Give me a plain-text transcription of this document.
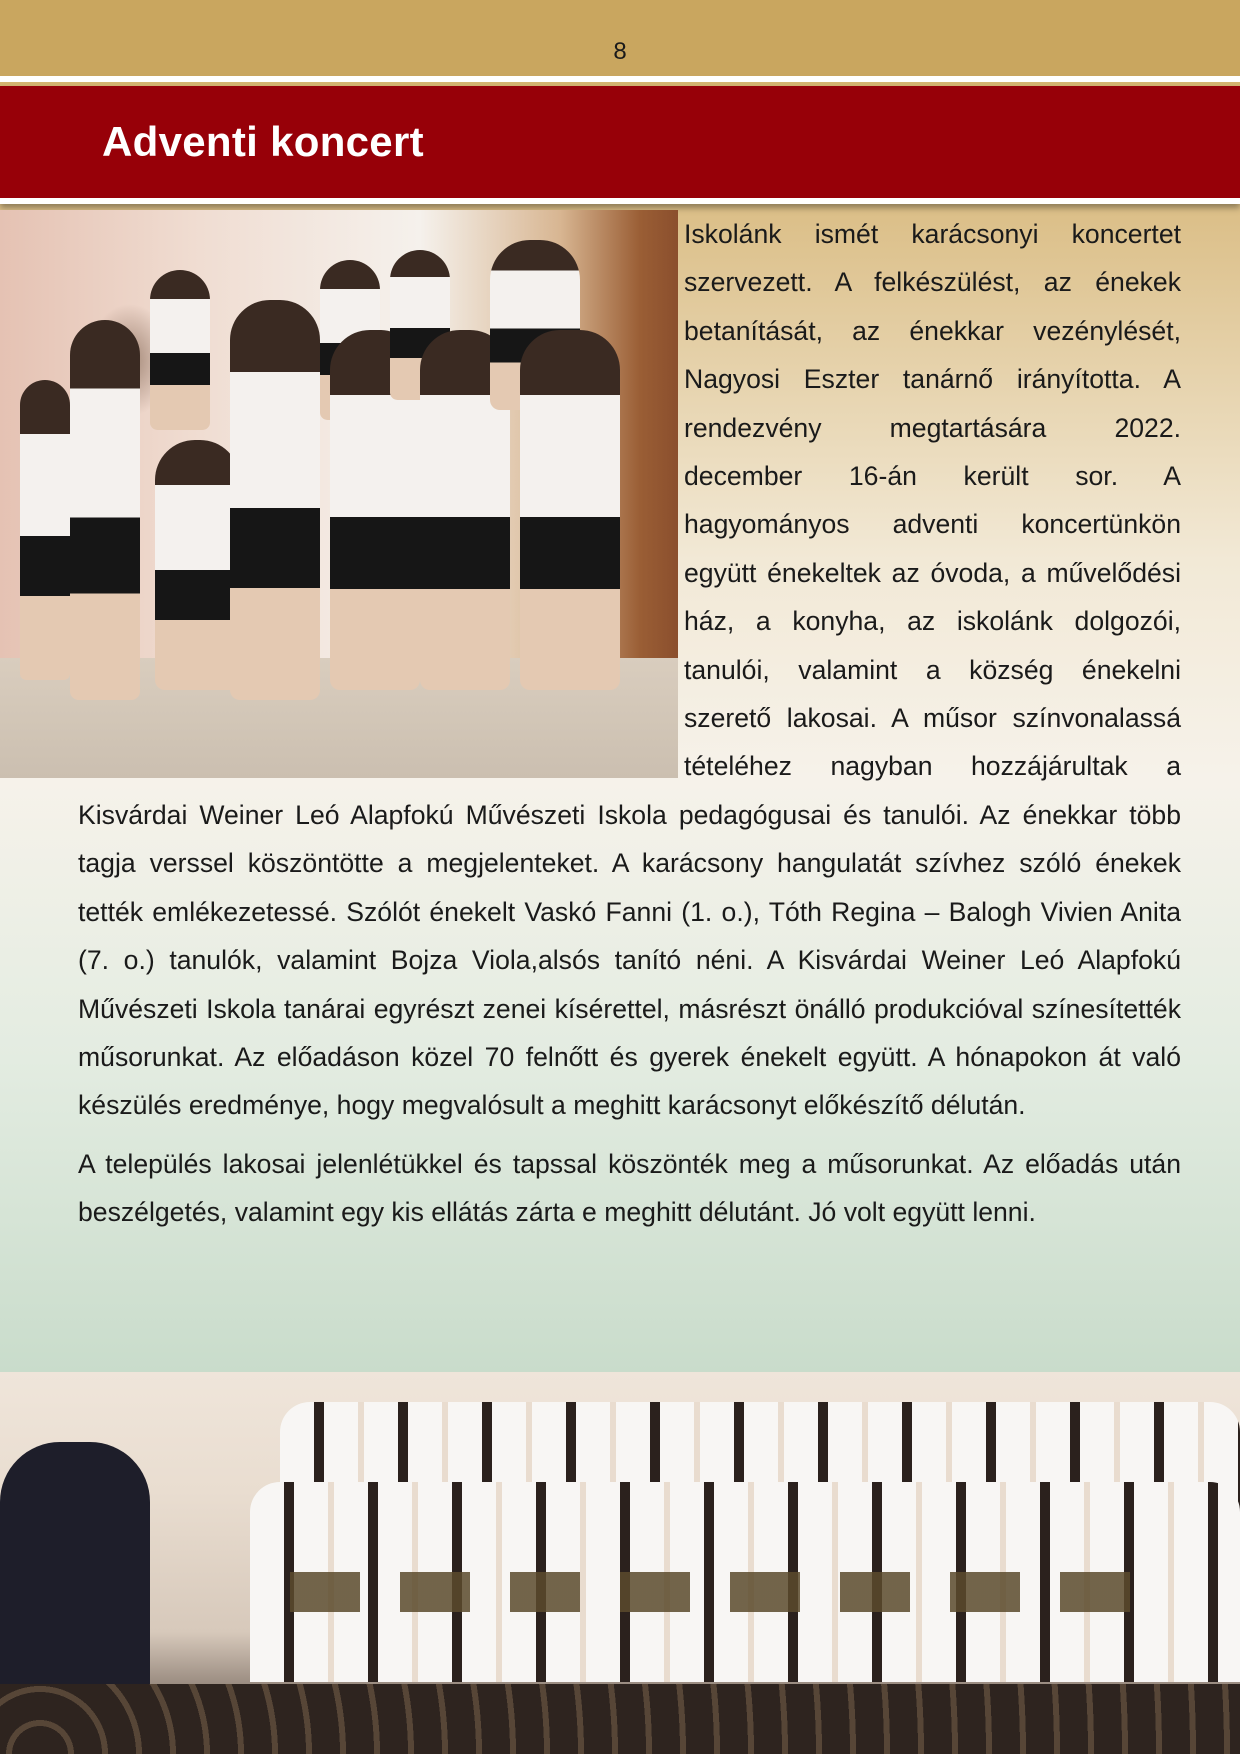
8
Adventi koncert

Iskolánk ismét karácsonyi koncertet szervezett. A felkészülést, az énekek betanítását, az énekkar vezénylését, Nagyosi Eszter tanárnő irányította. A rendezvény megtartására 2022. december 16-án került sor. A hagyományos adventi koncertünkön együtt énekeltek az óvoda, a művelődési ház, a konyha, az iskolánk dolgozói, tanulói, valamint a község énekelni szerető lakosai. A műsor színvonalassá tételéhez nagyban hozzájárultak a Kisvárdai Weiner Leó Alapfokú Művészeti Iskola pedagógusai és tanulói. Az énekkar több tagja verssel köszöntötte a megjelenteket. A karácsony hangulatát szívhez szóló énekek tették emlékezetessé. Szólót énekelt Vaskó Fanni (1. o.), Tóth Regina – Balogh Vivien Anita (7. o.) tanulók, valamint Bojza Viola,alsós tanító néni. A Kisvárdai Weiner Leó Alapfokú Művészeti Iskola tanárai egyrészt zenei kísérettel, másrészt önálló produkcióval színesítették műsorunkat. Az előadáson közel 70 felnőtt és gyerek énekelt együtt. A hónapokon át való készülés eredménye, hogy megvalósult a meghitt karácsonyt előkészítő délután.

A település lakosai jelenlétükkel és tapssal köszönték meg a műsorunkat. Az előadás után beszélgetés, valamint egy kis ellátás zárta e meghitt délutánt. Jó volt együtt lenni.
